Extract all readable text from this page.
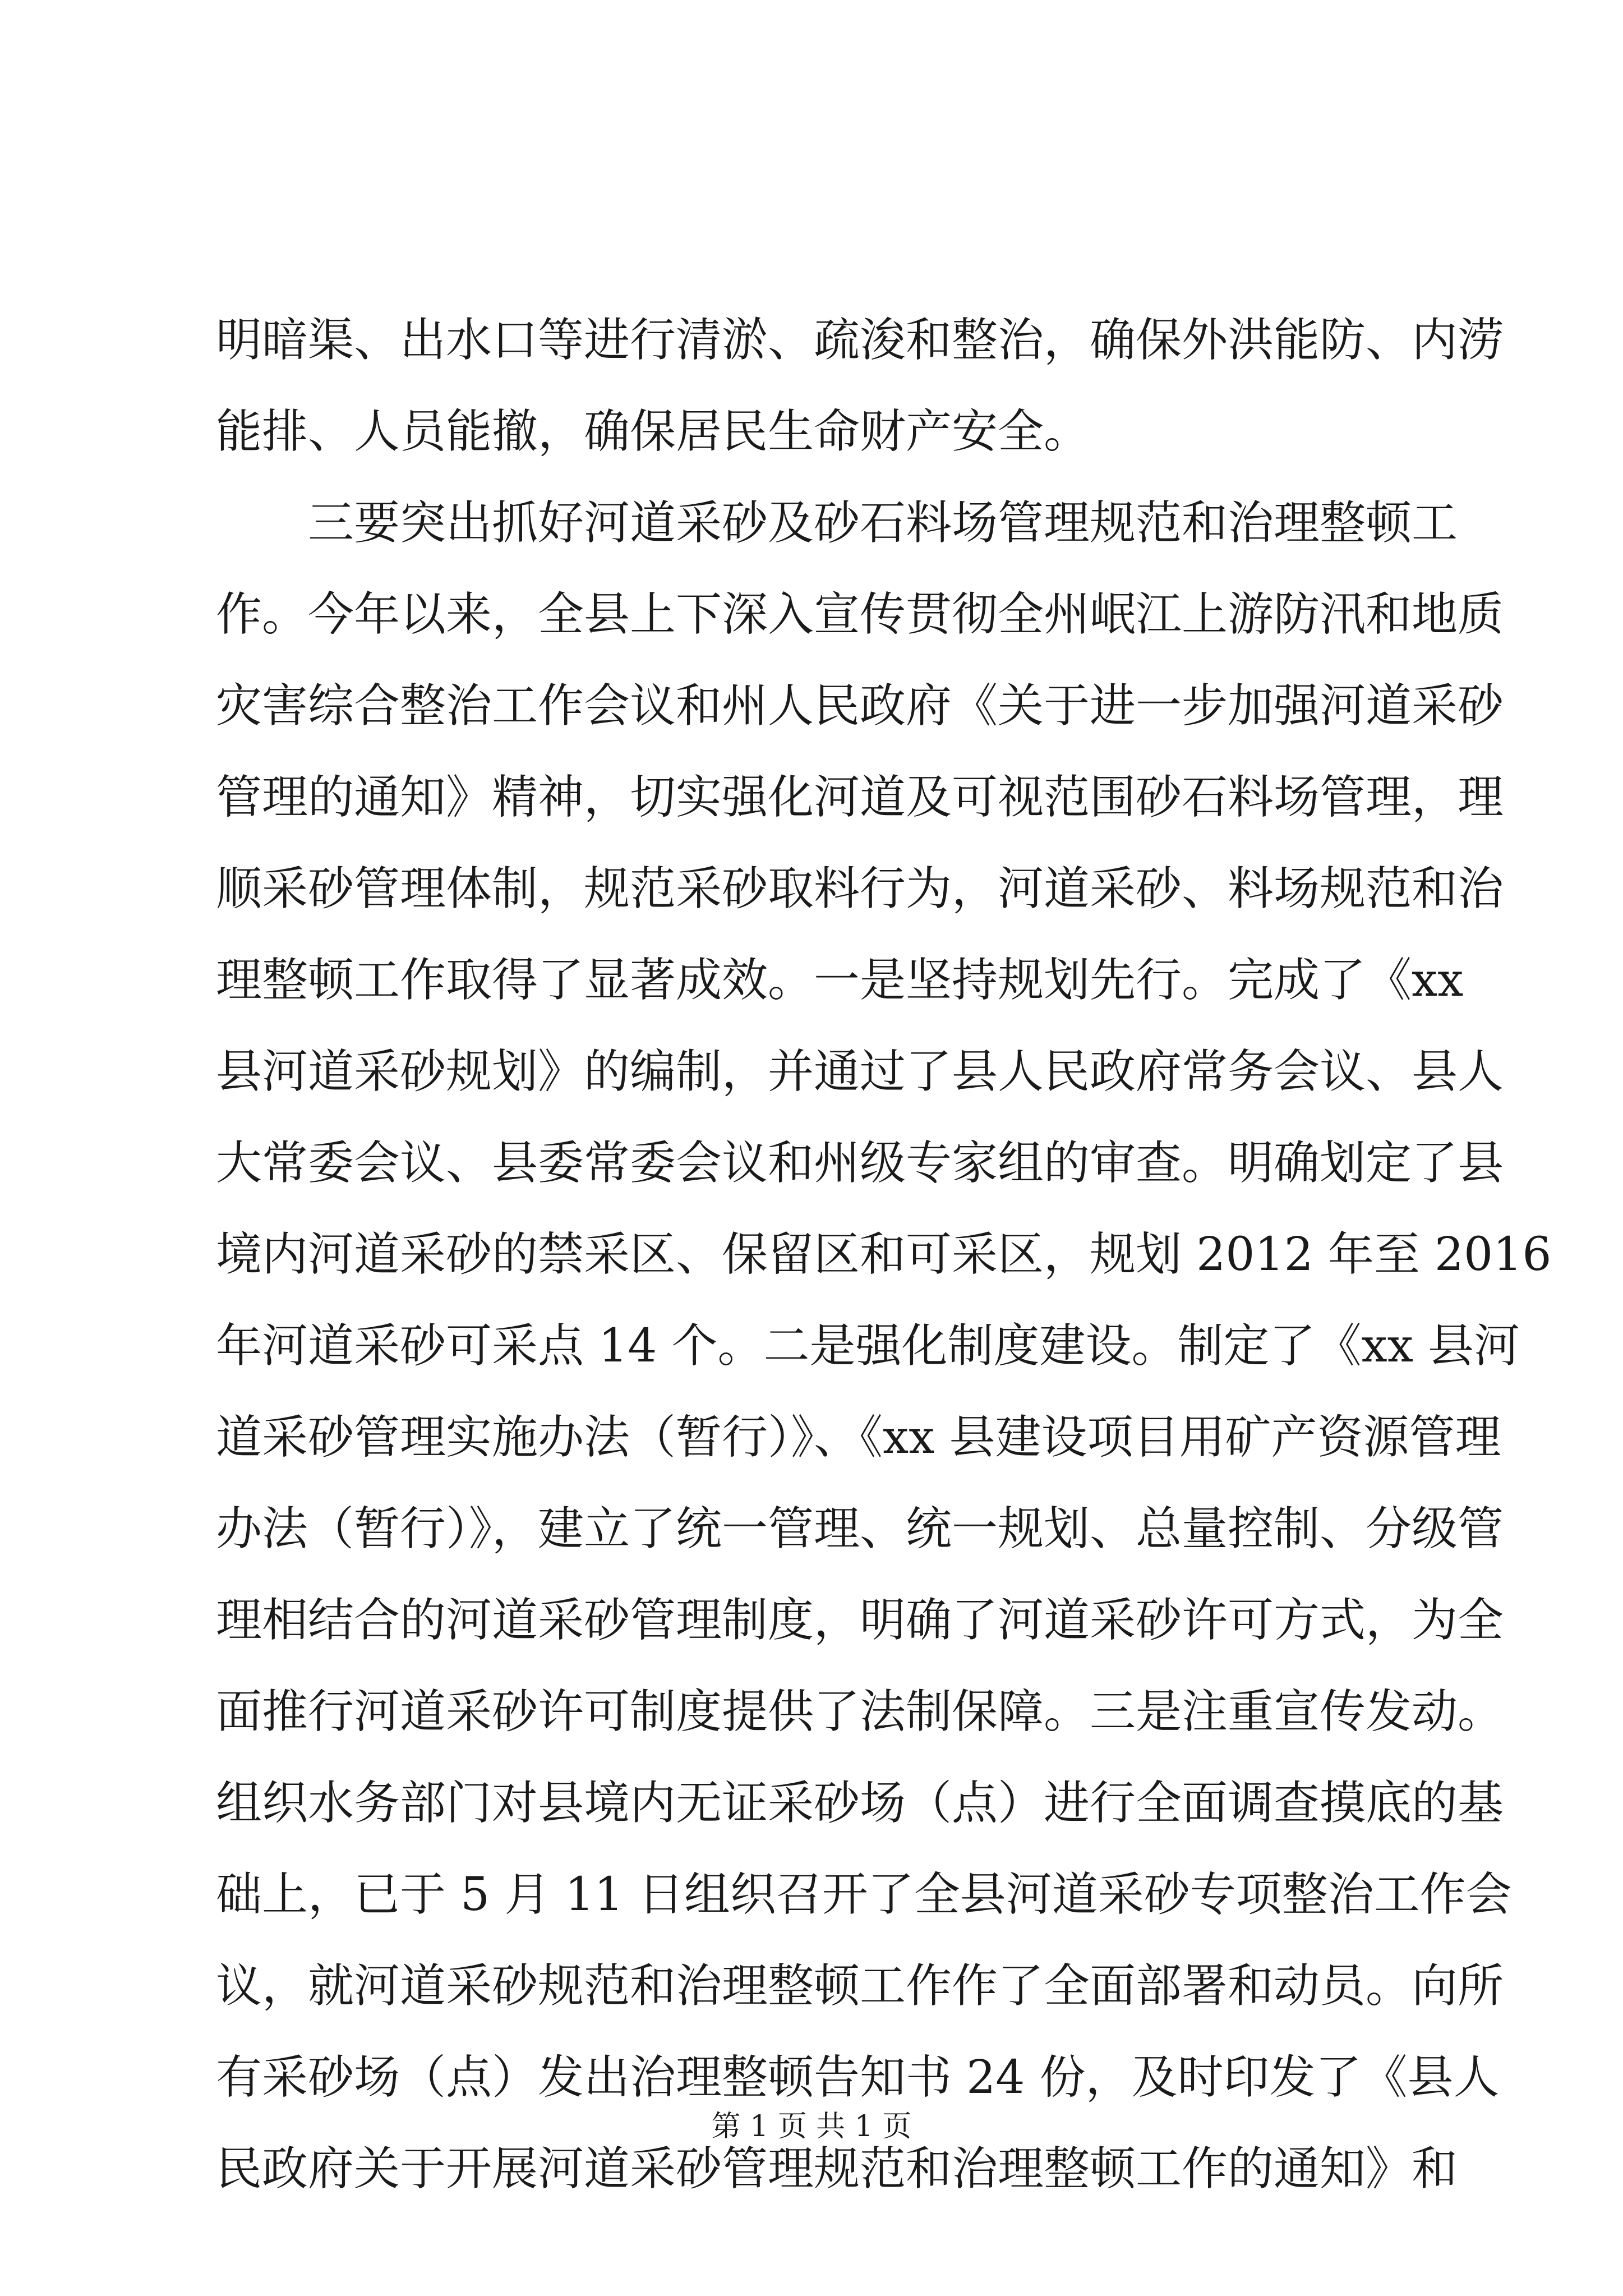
明暗渠、出水口等进行清淤、疏浚和整治，确保外洪能防、内涝
能排、人员能撤，确保居民生命财产安全。
三要突出抓好河道采砂及砂石料场管理规范和治理整顿工
作。今年以来，全县上下深入宣传贯彻全州岷江上游防汛和地质
灾害综合整治工作会议和州人民政府《关于进一步加强河道采砂
管理的通知》精神，切实强化河道及可视范围砂石料场管理，理
顺采砂管理体制，规范采砂取料行为，河道采砂、料场规范和治
理整顿工作取得了显著成效。一是坚持规划先行。完成了《xx
县河道采砂规划》的编制，并通过了县人民政府常务会议、县人
大常委会议、县委常委会议和州级专家组的审查。明确划定了县
境内河道采砂的禁采区、保留区和可采区，规划 2012 年至 2016
年河道采砂可采点 14 个。二是强化制度建设。制定了《xx 县河
道采砂管理实施办法（暂行）》、《xx 县建设项目用矿产资源管理
办法（暂行）》，建立了统一管理、统一规划、总量控制、分级管
理相结合的河道采砂管理制度，明确了河道采砂许可方式，为全
面推行河道采砂许可制度提供了法制保障。三是注重宣传发动。
组织水务部门对县境内无证采砂场（点）进行全面调查摸底的基
础上，已于 5 月 11 日组织召开了全县河道采砂专项整治工作会
议，就河道采砂规范和治理整顿工作作了全面部署和动员。向所
有采砂场（点）发出治理整顿告知书 24 份，及时印发了《县人
民政府关于开展河道采砂管理规范和治理整顿工作的通知》和
第 1 页 共 1 页
